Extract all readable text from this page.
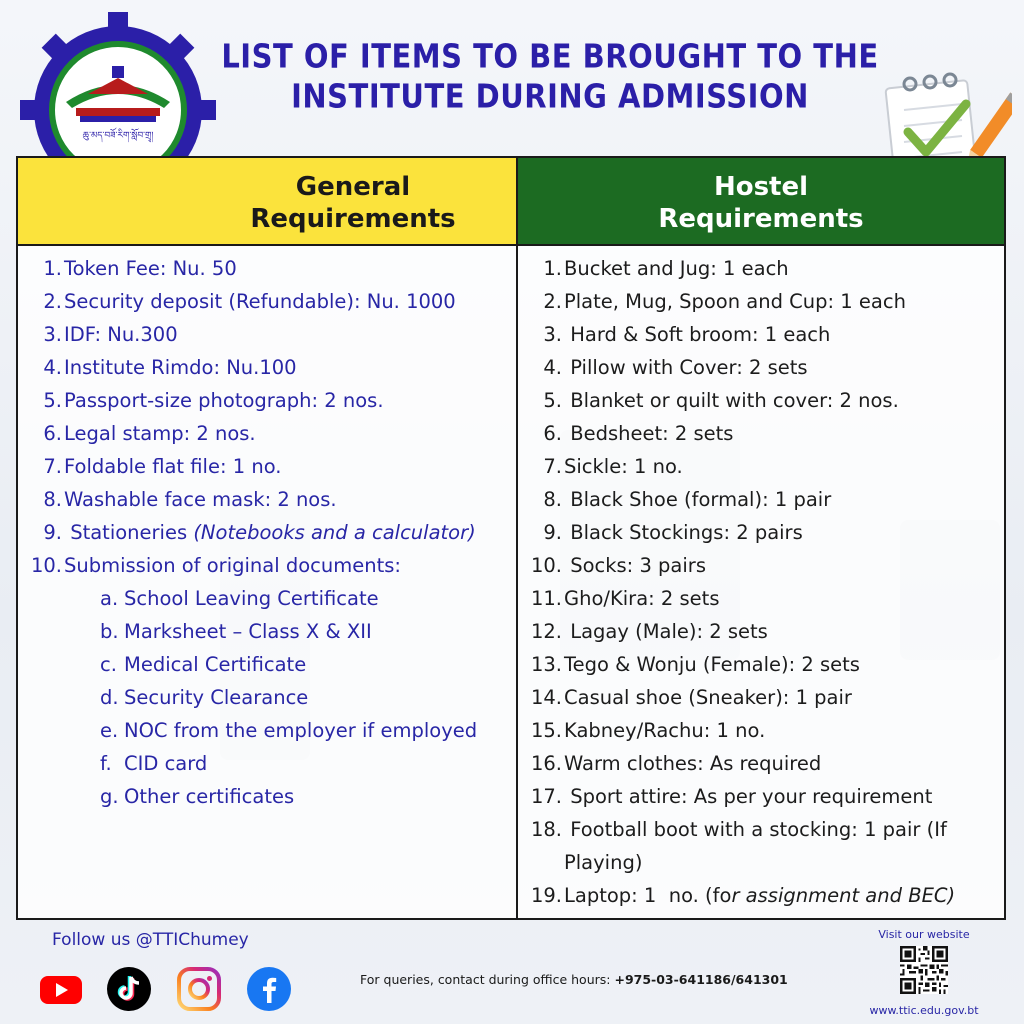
ཆུ་མད་བཟོ་རིག་སློབ་གྲྭ།
LIST OF ITEMS TO BE BROUGHT TO THE
INSTITUTE DURING ADMISSION
General
Requirements
Hostel
Requirements
1. Token Fee: Nu. 50
2. Security deposit (Refundable): Nu. 1000
3. IDF: Nu.300
4. Institute Rimdo: Nu.100
5. Passport-size photograph: 2 nos.
6. Legal stamp: 2 nos.
7. Foldable flat file: 1 no.
8. Washable face mask: 2 nos.
9. Stationeries (Notebooks and a calculator)
10. Submission of original documents:
a. School Leaving Certificate
b. Marksheet – Class X & XII
c. Medical Certificate
d. Security Clearance
e. NOC from the employer if employed
f. CID card
g. Other certificates
1. Bucket and Jug: 1 each
2. Plate, Mug, Spoon and Cup: 1 each
3. Hard & Soft broom: 1 each
4. Pillow with Cover: 2 sets
5. Blanket or quilt with cover: 2 nos.
6. Bedsheet: 2 sets
7. Sickle: 1 no.
8. Black Shoe (formal): 1 pair
9. Black Stockings: 2 pairs
10. Socks: 3 pairs
11. Gho/Kira: 2 sets
12. Lagay (Male): 2 sets
13. Tego & Wonju (Female): 2 sets
14. Casual shoe (Sneaker): 1 pair
15. Kabney/Rachu: 1 no.
16. Warm clothes: As required
17. Sport attire: As per your requirement
18. Football boot with a stocking: 1 pair (If Playing)
19. Laptop: 1  no. (for assignment and BEC)
Follow us @TTIChumey
For queries, contact during office hours: +975-03-641186/641301
Visit our website
www.ttic.edu.gov.bt
